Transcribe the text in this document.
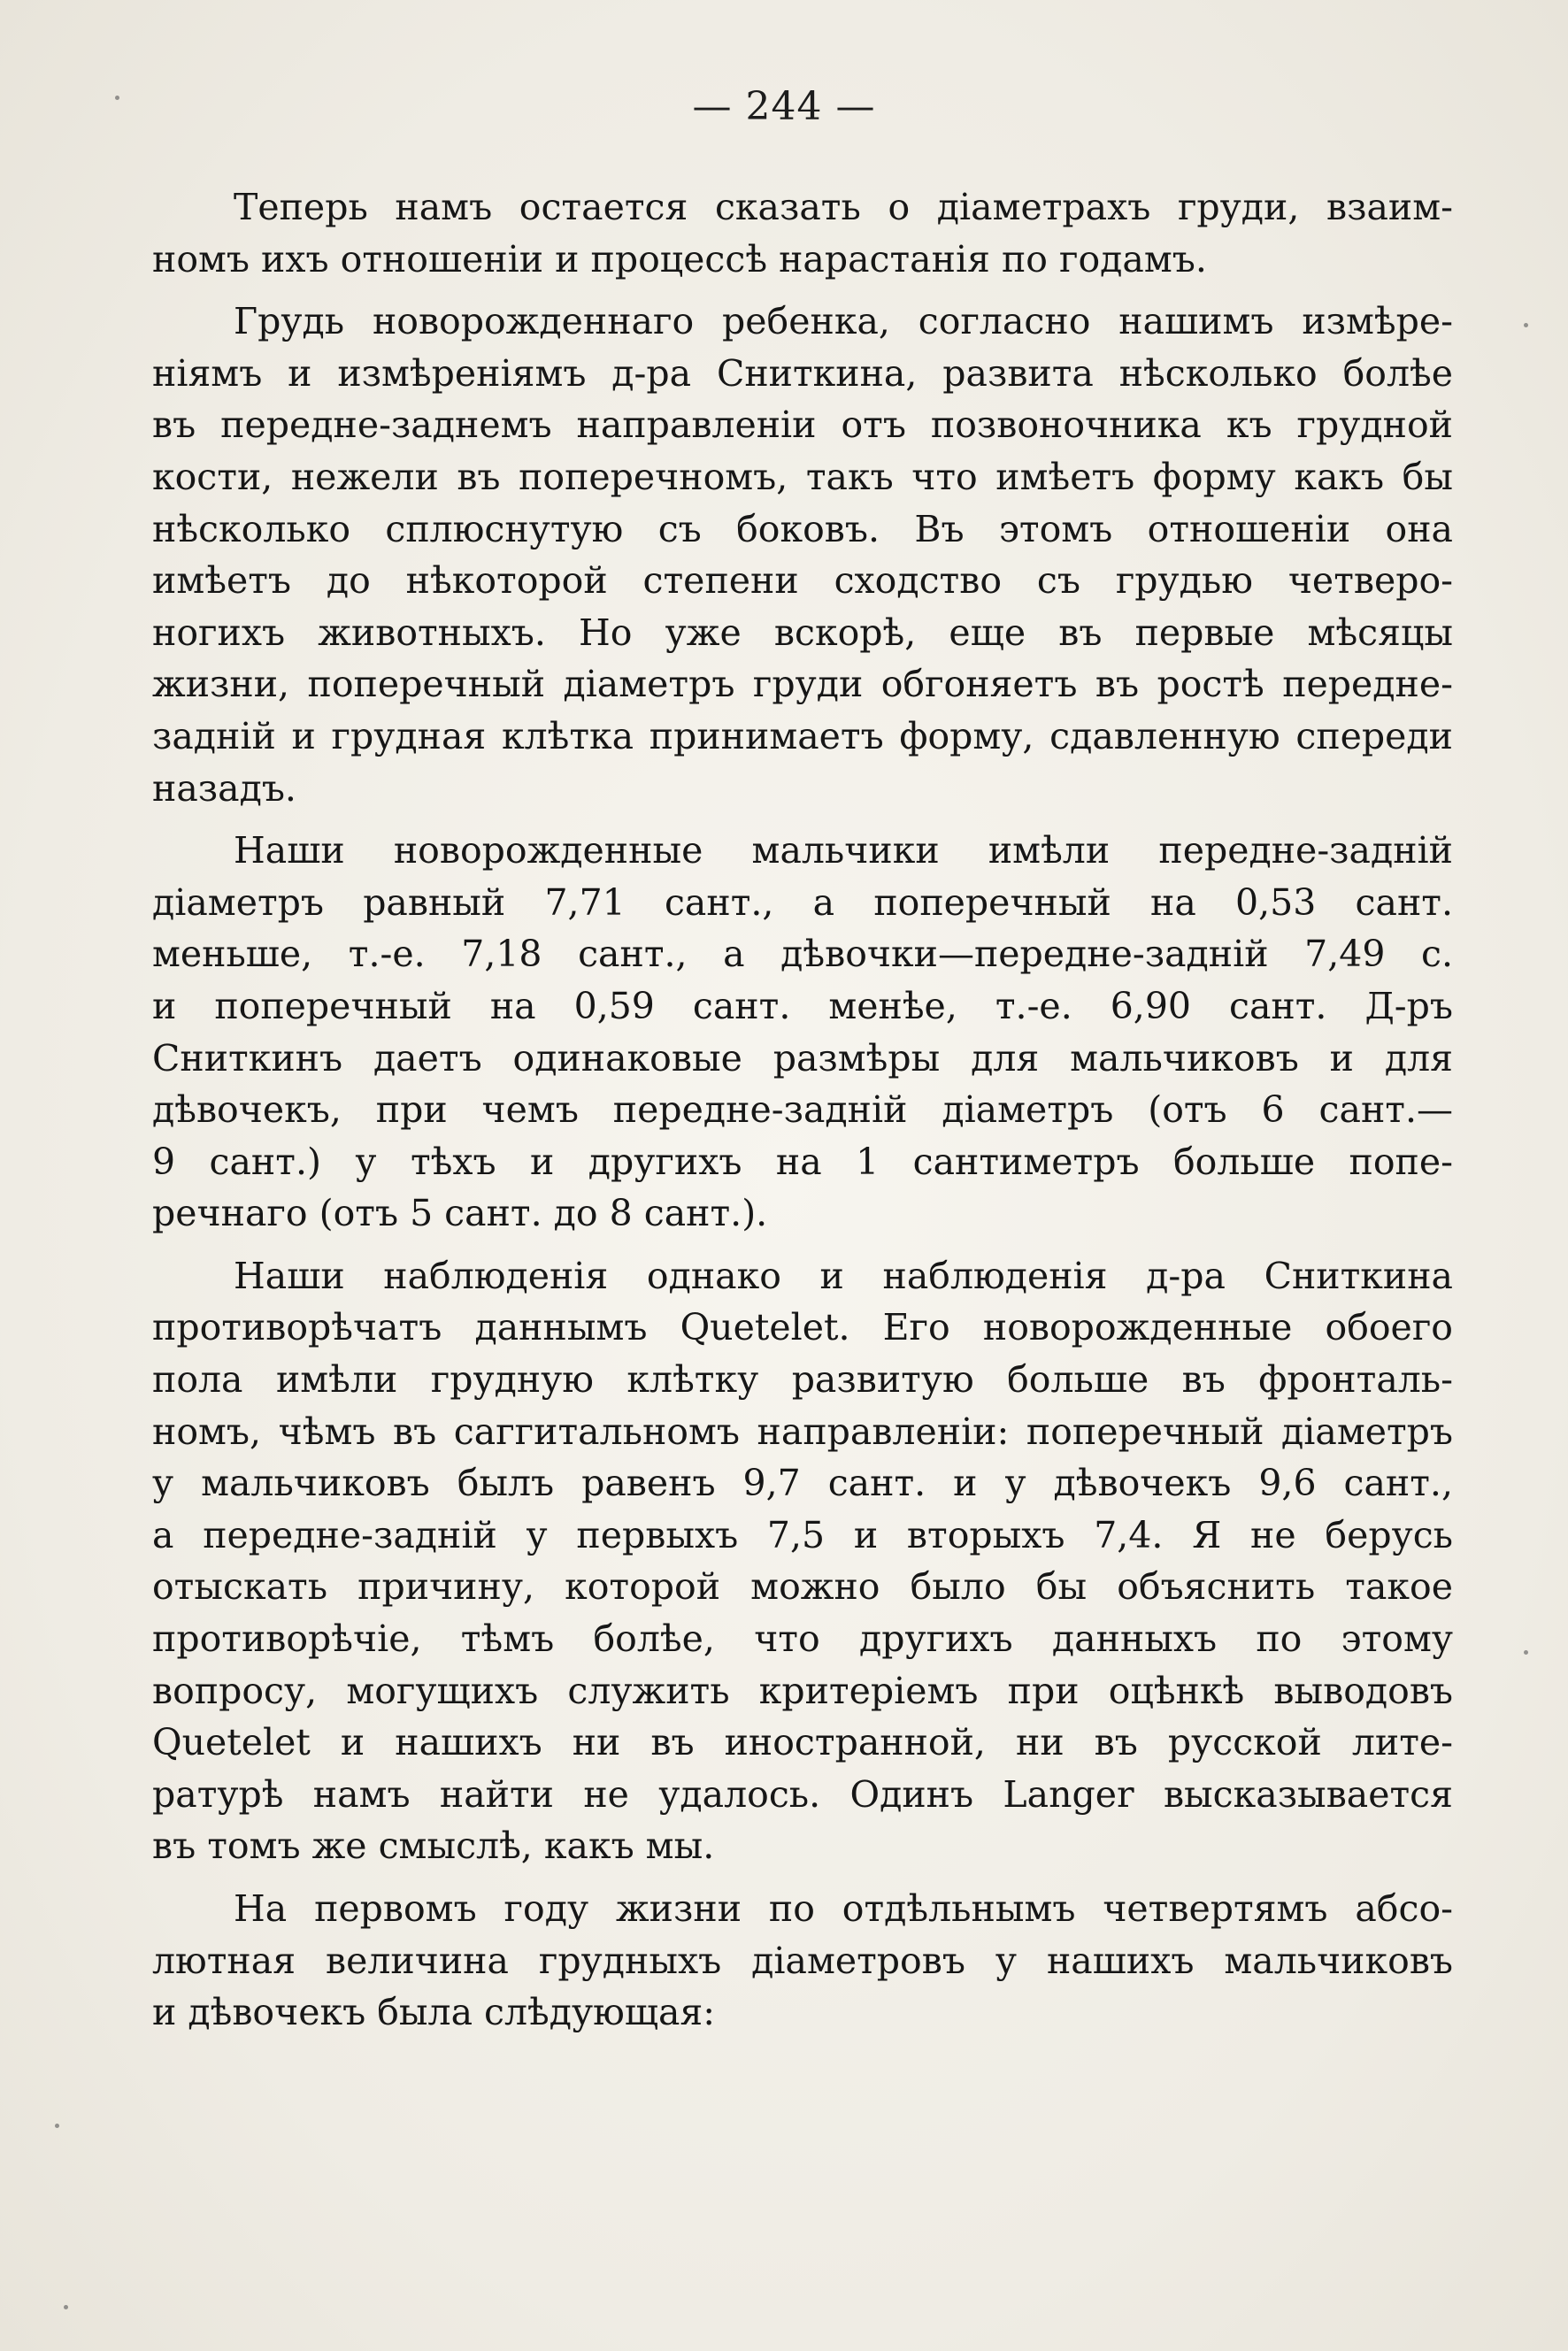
— 244 —
Теперь намъ остается сказать о діаметрахъ груди, взаим-
номъ ихъ отношеніи и процессѣ нарастанія по годамъ.
Грудь новорожденнаго ребенка, согласно нашимъ измѣре-
ніямъ и измѣреніямъ д-ра Сниткина, развита нѣсколько болѣе
въ передне-заднемъ направленіи отъ позвоночника къ грудной
кости, нежели въ поперечномъ, такъ что имѣетъ форму какъ бы
нѣсколько сплюснутую съ боковъ. Въ этомъ отношеніи она
имѣетъ до нѣкоторой степени сходство съ грудью четверо-
ногихъ животныхъ. Но уже вскорѣ, еще въ первые мѣсяцы
жизни, поперечный діаметръ груди обгоняетъ въ ростѣ передне-
задній и грудная клѣтка принимаетъ форму, сдавленную спереди
назадъ.
Наши новорожденные мальчики имѣли передне-задній
діаметръ равный 7,71 сант., а поперечный на 0,53 сант.
меньше, т.-е. 7,18 сант., а дѣвочки—передне-задній 7,49 с.
и поперечный на 0,59 сант. менѣе, т.-е. 6,90 сант. Д-ръ
Сниткинъ даетъ одинаковые размѣры для мальчиковъ и для
дѣвочекъ, при чемъ передне-задній діаметръ (отъ 6 сант.—
9 сант.) у тѣхъ и другихъ на 1 сантиметръ больше попе-
речнаго (отъ 5 сант. до 8 сант.).
Наши наблюденія однако и наблюденія д-ра Сниткина
противорѣчатъ даннымъ Quetelet. Его новорожденные обоего
пола имѣли грудную клѣтку развитую больше въ фронталь-
номъ, чѣмъ въ саггитальномъ направленіи: поперечный діаметръ
у мальчиковъ былъ равенъ 9,7 сант. и у дѣвочекъ 9,6 сант.,
а передне-задній у первыхъ 7,5 и вторыхъ 7,4. Я не берусь
отыскать причину, которой можно было бы объяснить такое
противорѣчіе, тѣмъ болѣе, что другихъ данныхъ по этому
вопросу, могущихъ служить критеріемъ при оцѣнкѣ выводовъ
Quetelet и нашихъ ни въ иностранной, ни въ русской лите-
ратурѣ намъ найти не удалось. Одинъ Langer высказывается
въ томъ же смыслѣ, какъ мы.
На первомъ году жизни по отдѣльнымъ четвертямъ абсо-
лютная величина грудныхъ діаметровъ у нашихъ мальчиковъ
и дѣвочекъ была слѣдующая:
